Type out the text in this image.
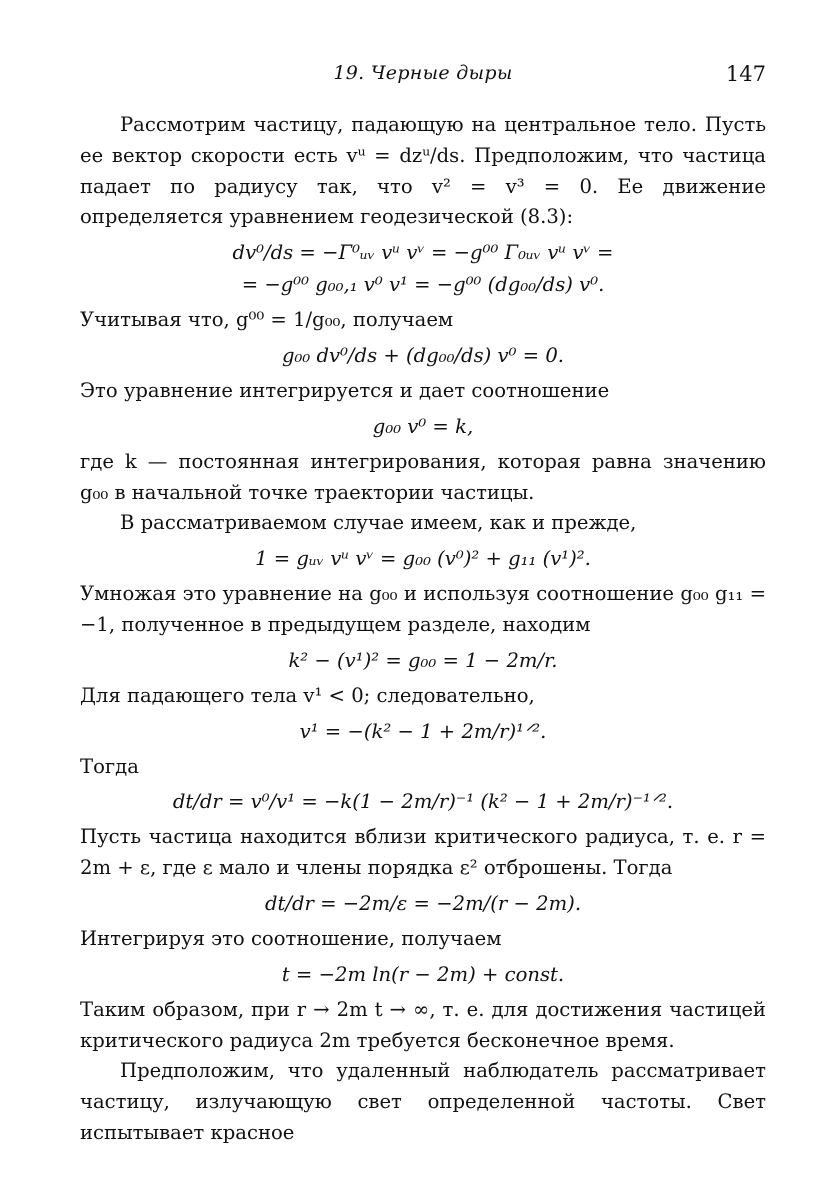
19. Черные дыры	147

Рассмотрим частицу, падающую на центральное тело. Пусть ее вектор скорости есть vᵘ = dzᵘ/ds. Предположим, что частица падает по радиусу так, что v² = v³ = 0. Ее движение определяется уравнением геодезической (8.3):

dv⁰/ds = −Γ⁰ᵤᵥ vᵘ vᵛ = −g⁰⁰ Γ₀ᵤᵥ vᵘ vᵛ =
= −g⁰⁰ g₀₀,₁ v⁰ v¹ = −g⁰⁰ (dg₀₀/ds) v⁰.

Учитывая что, g⁰⁰ = 1/g₀₀, получаем

g₀₀ dv⁰/ds + (dg₀₀/ds) v⁰ = 0.

Это уравнение интегрируется и дает соотношение

g₀₀ v⁰ = k,

где k — постоянная интегрирования, которая равна значению g₀₀ в начальной точке траектории частицы.

В рассматриваемом случае имеем, как и прежде,

1 = gᵤᵥ vᵘ vᵛ = g₀₀ (v⁰)² + g₁₁ (v¹)².

Умножая это уравнение на g₀₀ и используя соотношение g₀₀ g₁₁ = −1, полученное в предыдущем разделе, находим

k² − (v¹)² = g₀₀ = 1 − 2m/r.

Для падающего тела v¹ < 0; следовательно,

v¹ = −(k² − 1 + 2m/r)¹ᐟ².

Тогда

dt/dr = v⁰/v¹ = −k(1 − 2m/r)⁻¹ (k² − 1 + 2m/r)⁻¹ᐟ².

Пусть частица находится вблизи критического радиуса, т. е. r = 2m + ε, где ε мало и члены порядка ε² отброшены. Тогда

dt/dr = −2m/ε = −2m/(r − 2m).

Интегрируя это соотношение, получаем

t = −2m ln(r − 2m) + const.

Таким образом, при r → 2m t → ∞, т. е. для достижения частицей критического радиуса 2m требуется бесконечное время.

Предположим, что удаленный наблюдатель рассматривает частицу, излучающую свет определенной частоты. Свет испытывает красное
